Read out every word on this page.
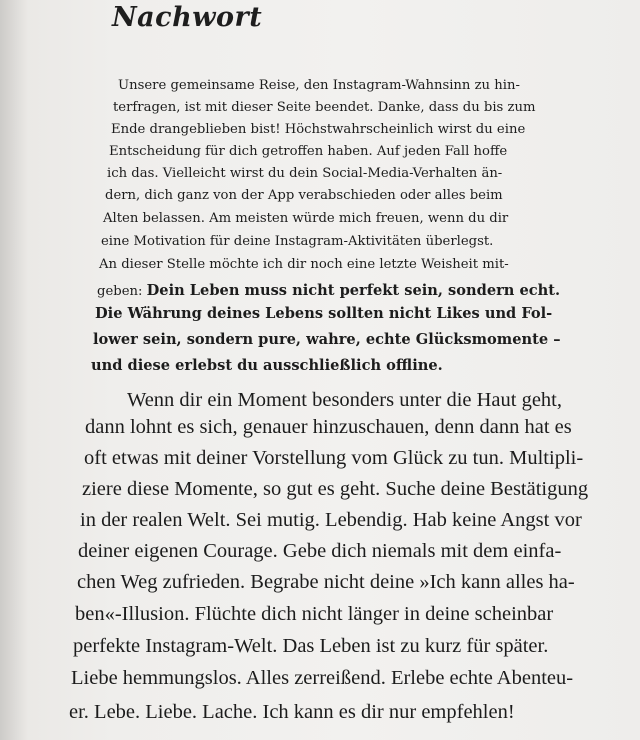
Nachwort
Unsere gemeinsame Reise, den Instagram-Wahnsinn zu hin-
terfragen, ist mit dieser Seite beendet. Danke, dass du bis zum
Ende drangeblieben bist! Höchstwahrscheinlich wirst du eine
Entscheidung für dich getroffen haben. Auf jeden Fall hoffe
ich das. Vielleicht wirst du dein Social-Media-Verhalten än-
dern, dich ganz von der App verabschieden oder alles beim
Alten belassen. Am meisten würde mich freuen, wenn du dir
eine Motivation für deine Instagram-Aktivitäten überlegst.
An dieser Stelle möchte ich dir noch eine letzte Weisheit mit-
geben: Dein Leben muss nicht perfekt sein, sondern echt.
Die Währung deines Lebens sollten nicht Likes und Fol-
lower sein, sondern pure, wahre, echte Glücksmomente –
und diese erlebst du ausschließlich offline.
Wenn dir ein Moment besonders unter die Haut geht,
dann lohnt es sich, genauer hinzuschauen, denn dann hat es
oft etwas mit deiner Vorstellung vom Glück zu tun. Multipli-
ziere diese Momente, so gut es geht. Suche deine Bestätigung
in der realen Welt. Sei mutig. Lebendig. Hab keine Angst vor
deiner eigenen Courage. Gebe dich niemals mit dem einfa-
chen Weg zufrieden. Begrabe nicht deine »Ich kann alles ha-
ben«-Illusion. Flüchte dich nicht länger in deine scheinbar
perfekte Instagram-Welt. Das Leben ist zu kurz für später.
Liebe hemmungslos. Alles zerreißend. Erlebe echte Abenteu-
er. Lebe. Liebe. Lache. Ich kann es dir nur empfehlen!
